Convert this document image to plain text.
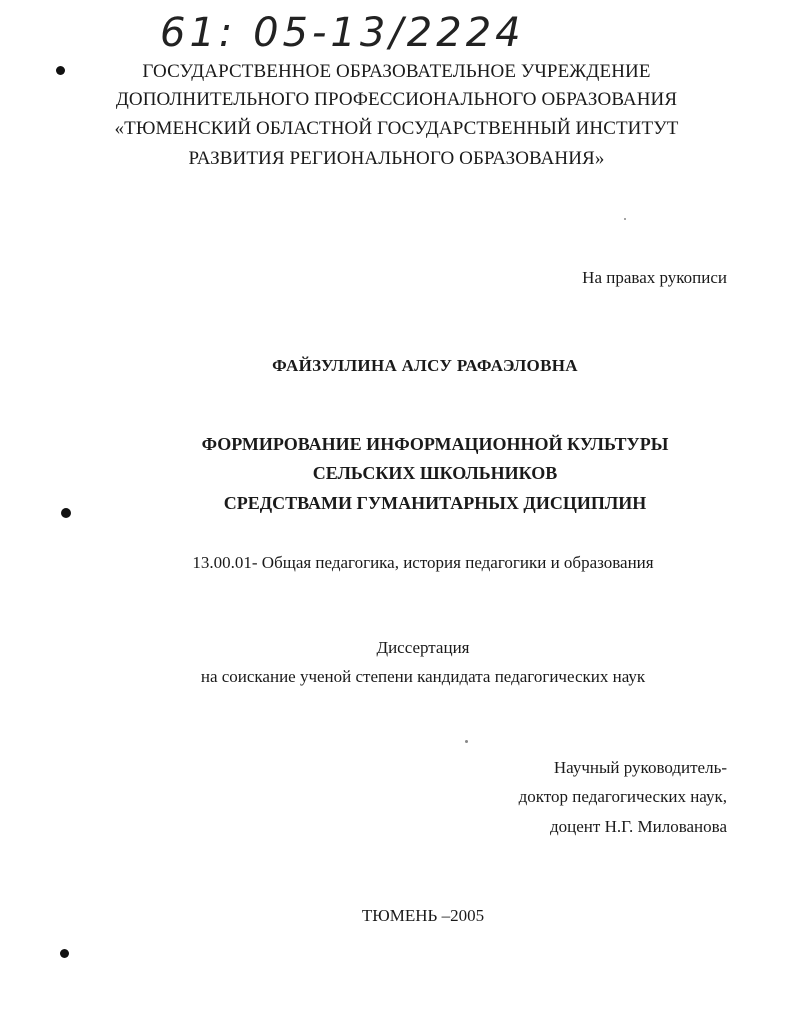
61: 05-13/2224
ГОСУДАРСТВЕННОЕ ОБРАЗОВАТЕЛЬНОЕ УЧРЕЖДЕНИЕ
ДОПОЛНИТЕЛЬНОГО ПРОФЕССИОНАЛЬНОГО ОБРАЗОВАНИЯ
«ТЮМЕНСКИЙ ОБЛАСТНОЙ ГОСУДАРСТВЕННЫЙ ИНСТИТУТ
РАЗВИТИЯ РЕГИОНАЛЬНОГО ОБРАЗОВАНИЯ»
На правах рукописи
ФАЙЗУЛЛИНА АЛСУ РАФАЭЛОВНА
ФОРМИРОВАНИЕ ИНФОРМАЦИОННОЙ КУЛЬТУРЫ
СЕЛЬСКИХ ШКОЛЬНИКОВ
СРЕДСТВАМИ ГУМАНИТАРНЫХ ДИСЦИПЛИН
13.00.01- Общая педагогика, история педагогики и образования
Диссертация
на соискание ученой степени кандидата педагогических наук
Научный руководитель-
доктор педагогических наук,
доцент Н.Г. Милованова
ТЮМЕНЬ –2005
